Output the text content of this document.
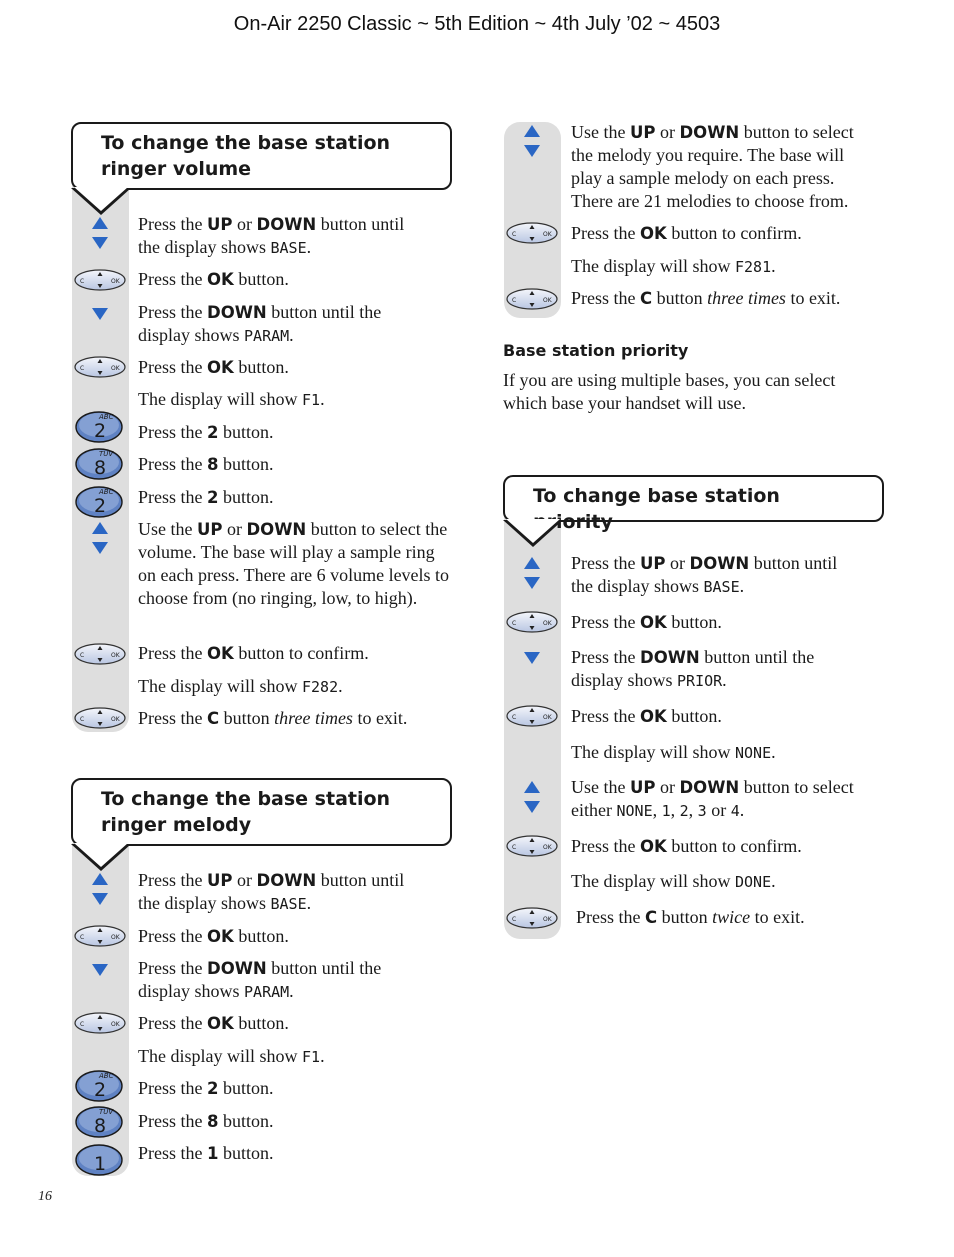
On-Air 2250 Classic ~ 5th Edition ~ 4th July ’02 ~ 4503
16
To change the base station ringer volume
Press the UP or DOWN button until
the display shows BASE.
C	OK Press the OK button.
Press the DOWN button until the
display shows PARAM.
C	OK Press the OK button.
The display will show F1.
ABC
2 Press the 2 button.
TUV
8 Press the 8 button.
ABC
2 Press the 2 button.
Use the UP or DOWN button to select the volume. The base will play a sample ring on each press. There are 6 volume levels to choose from (no ringing, low, to high).
C	OK Press the OK button to confirm.
The display will show F282.
C	OK Press the C button three times to exit.
To change the base station ringer melody
Press the UP or DOWN button until
the display shows BASE.
C	OK Press the OK button.
Press the DOWN button until the
display shows PARAM.
C	OK Press the OK button.
The display will show F1.
ABC
2 Press the 2 button.
TUV
8 Press the 8 button.
1 Press the 1 button.
Use the UP or DOWN button to select
the melody you require. The base will
play a sample melody on each press.
There are 21 melodies to choose from.
C	OK Press the OK button to confirm.
The display will show F281.
C	OK Press the C button three times to exit.
Base station priority
If you are using multiple bases, you can select which base your handset will use.
To change base station priority
Press the UP or DOWN button until
the display shows BASE.
C	OK Press the OK button.
Press the DOWN button until the
display shows PRIOR.
C	OK Press the OK button.
The display will show NONE.
Use the UP or DOWN button to select
either NONE, 1, 2, 3 or 4.
C	OK Press the OK button to confirm.
The display will show DONE.
C	OK Press the C button twice to exit.
